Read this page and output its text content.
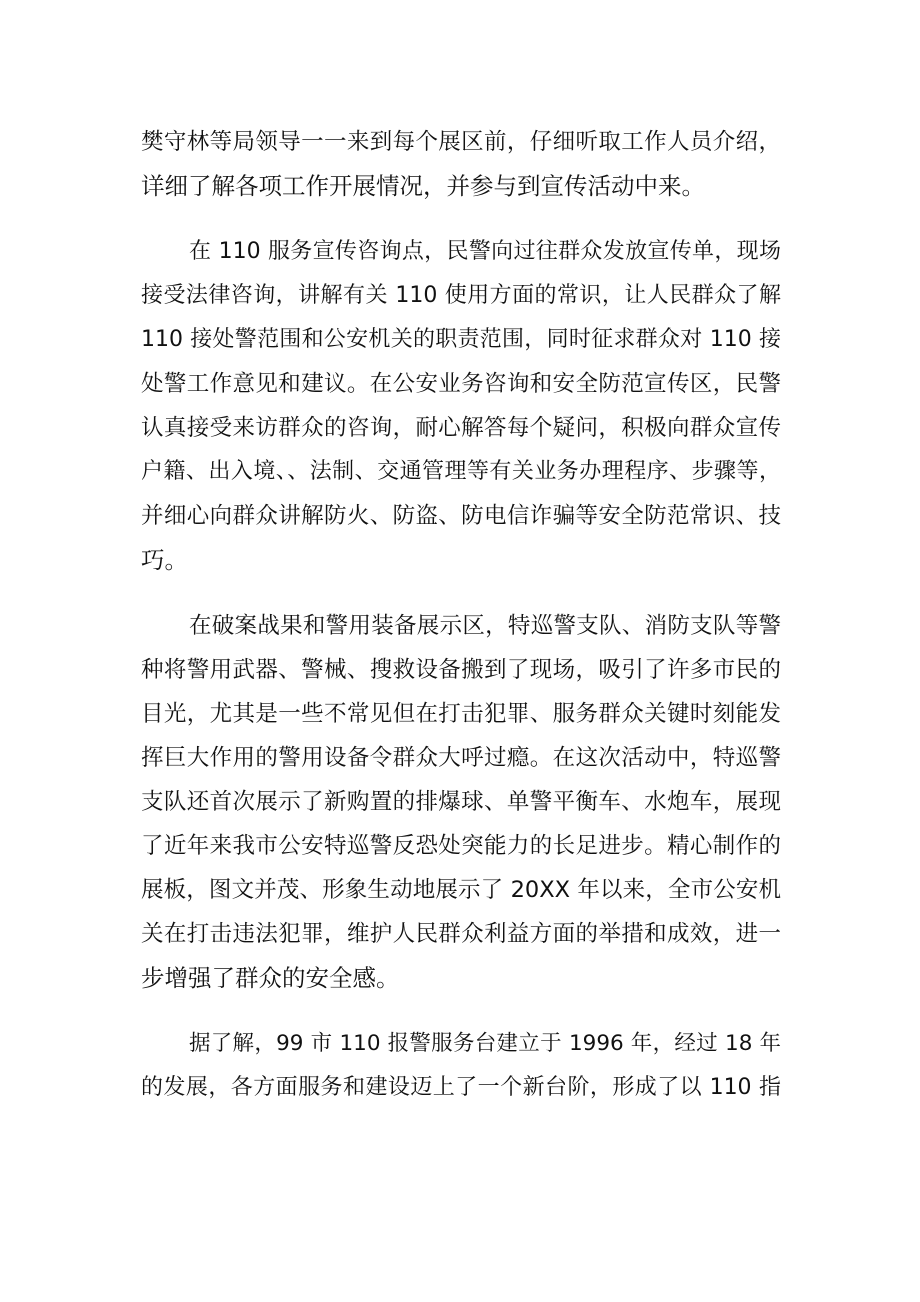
樊守林等局领导一一来到每个展区前，仔细听取工作人员介绍，
详细了解各项工作开展情况，并参与到宣传活动中来。
在 110 服务宣传咨询点，民警向过往群众发放宣传单，现场
接受法律咨询，讲解有关 110 使用方面的常识，让人民群众了解
110 接处警范围和公安机关的职责范围，同时征求群众对 110 接
处警工作意见和建议。在公安业务咨询和安全防范宣传区，民警
认真接受来访群众的咨询，耐心解答每个疑问，积极向群众宣传
户籍、出入境、、法制、交通管理等有关业务办理程序、步骤等，
并细心向群众讲解防火、防盗、防电信诈骗等安全防范常识、技
巧。
在破案战果和警用装备展示区，特巡警支队、消防支队等警
种将警用武器、警械、搜救设备搬到了现场，吸引了许多市民的
目光，尤其是一些不常见但在打击犯罪、服务群众关键时刻能发
挥巨大作用的警用设备令群众大呼过瘾。在这次活动中，特巡警
支队还首次展示了新购置的排爆球、单警平衡车、水炮车，展现
了近年来我市公安特巡警反恐处突能力的长足进步。精心制作的
展板，图文并茂、形象生动地展示了 20XX 年以来，全市公安机
关在打击违法犯罪，维护人民群众利益方面的举措和成效，进一
步增强了群众的安全感。
据了解，99 市 110 报警服务台建立于 1996 年，经过 18 年
的发展，各方面服务和建设迈上了一个新台阶，形成了以 110 指
